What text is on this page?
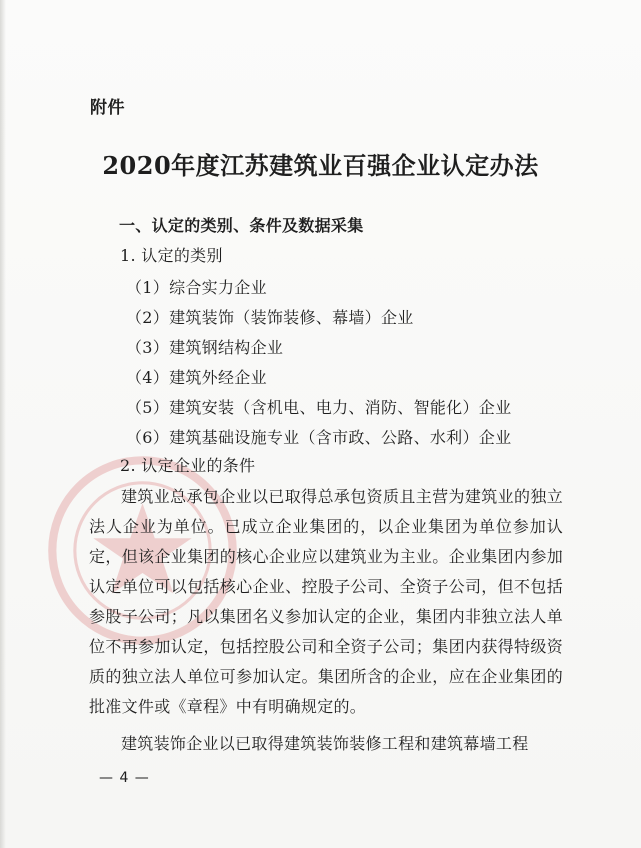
附件
2020年度江苏建筑业百强企业认定办法
一、认定的类别、条件及数据采集
1. 认定的类别
（1）综合实力企业
（2）建筑装饰（装饰装修、幕墙）企业
（3）建筑钢结构企业
（4）建筑外经企业
（5）建筑安装（含机电、电力、消防、智能化）企业
（6）建筑基础设施专业（含市政、公路、水利）企业
2. 认定企业的条件

建筑业总承包企业以已取得总承包资质且主营为建筑业的独立法人企业为单位。已成立企业集团的，以企业集团为单位参加认定，但该企业集团的核心企业应以建筑业为主业。企业集团内参加认定单位可以包括核心企业、控股子公司、全资子公司，但不包括参股子公司；凡以集团名义参加认定的企业，集团内非独立法人单位不再参加认定，包括控股公司和全资子公司；集团内获得特级资质的独立法人单位可参加认定。集团所含的企业，应在企业集团的批准文件或《章程》中有明确规定的。

建筑装饰企业以已取得建筑装饰装修工程和建筑幕墙工程

— 4 —
